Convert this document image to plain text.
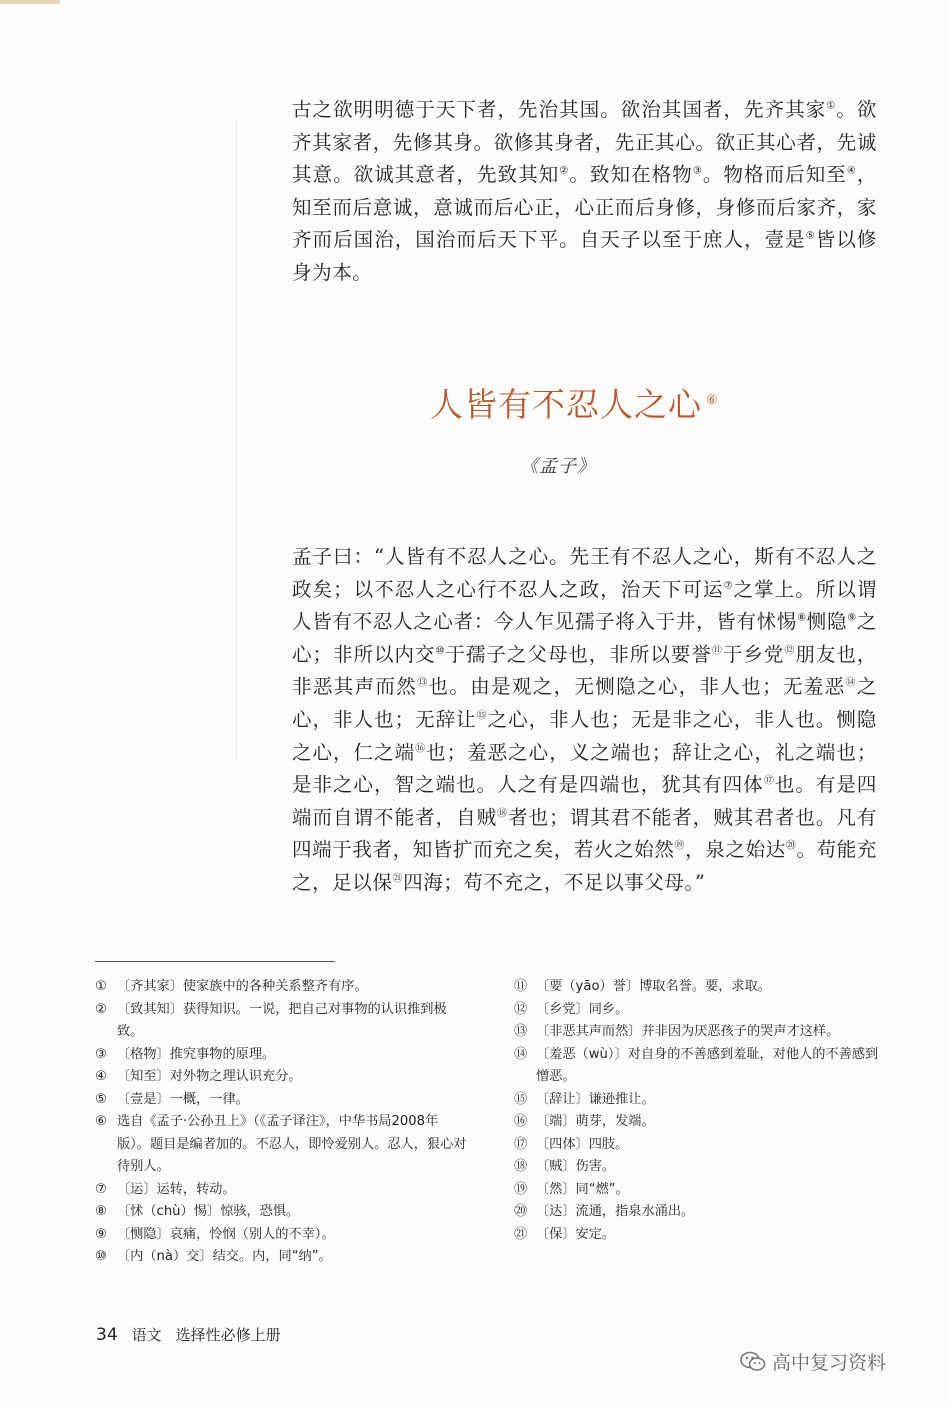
古之欲明明德于天下者，先治其国。欲治其国者，先齐其家①。欲齐其家者，先修其身。欲修其身者，先正其心。欲正其心者，先诚其意。欲诚其意者，先致其知②。致知在格物③。物格而后知至④，知至而后意诚，意诚而后心正，心正而后身修，身修而后家齐，家齐而后国治，国治而后天下平。自天子以至于庶人，壹是⑤皆以修身为本。

人皆有不忍人之心 ⑥
《孟子》

孟子曰：“人皆有不忍人之心。先王有不忍人之心，斯有不忍人之政矣；以不忍人之心行不忍人之政，治天下可运⑦之掌上。所以谓人皆有不忍人之心者：今人乍见孺子将入于井，皆有怵惕⑧恻隐⑨之心；非所以内交⑩于孺子之父母也，非所以要誉⑪于乡党⑫朋友也，非恶其声而然⑬也。由是观之，无恻隐之心，非人也；无羞恶⑭之心，非人也；无辞让⑮之心，非人也；无是非之心，非人也。恻隐之心，仁之端⑯也；羞恶之心，义之端也；辞让之心，礼之端也；是非之心，智之端也。人之有是四端也，犹其有四体⑰也。有是四端而自谓不能者，自贼⑱者也；谓其君不能者，贼其君者也。凡有四端于我者，知皆扩而充之矣，若火之始然⑲，泉之始达⑳。苟能充之，足以保$^㉑$四海；苟不充之，不足以事父母。”

① 〔齐其家〕使家族中的各种关系整齐有序。
② 〔致其知〕获得知识。一说，把自己对事物的认识推到极致。
③ 〔格物〕推究事物的原理。
④ 〔知至〕对外物之理认识充分。
⑤ 〔壹是〕一概，一律。
⑥ 选自《孟子·公孙丑上》（《孟子译注》，中华书局2008年版）。题目是编者加的。不忍人，即怜爱别人。忍人，狠心对待别人。
⑦ 〔运〕运转，转动。
⑧ 〔怵（chù）惕〕惊骇，恐惧。
⑨ 〔恻隐〕哀痛，怜悯（别人的不幸）。
⑩ 〔内（nà）交〕结交。内，同“纳”。
⑪ 〔要（yāo）誉〕博取名誉。要，求取。
⑫ 〔乡党〕同乡。
⑬ 〔非恶其声而然〕并非因为厌恶孩子的哭声才这样。
⑭ 〔羞恶（wù）〕对自身的不善感到羞耻，对他人的不善感到憎恶。
⑮ 〔辞让〕谦逊推让。
⑯ 〔端〕萌芽，发端。
⑰ 〔四体〕四肢。
⑱ 〔贼〕伤害。
⑲ 〔然〕同“燃”。
⑳ 〔达〕流通，指泉水涌出。
㉑ 〔保〕安定。
34 语文 选择性必修上册
高中复习资料
